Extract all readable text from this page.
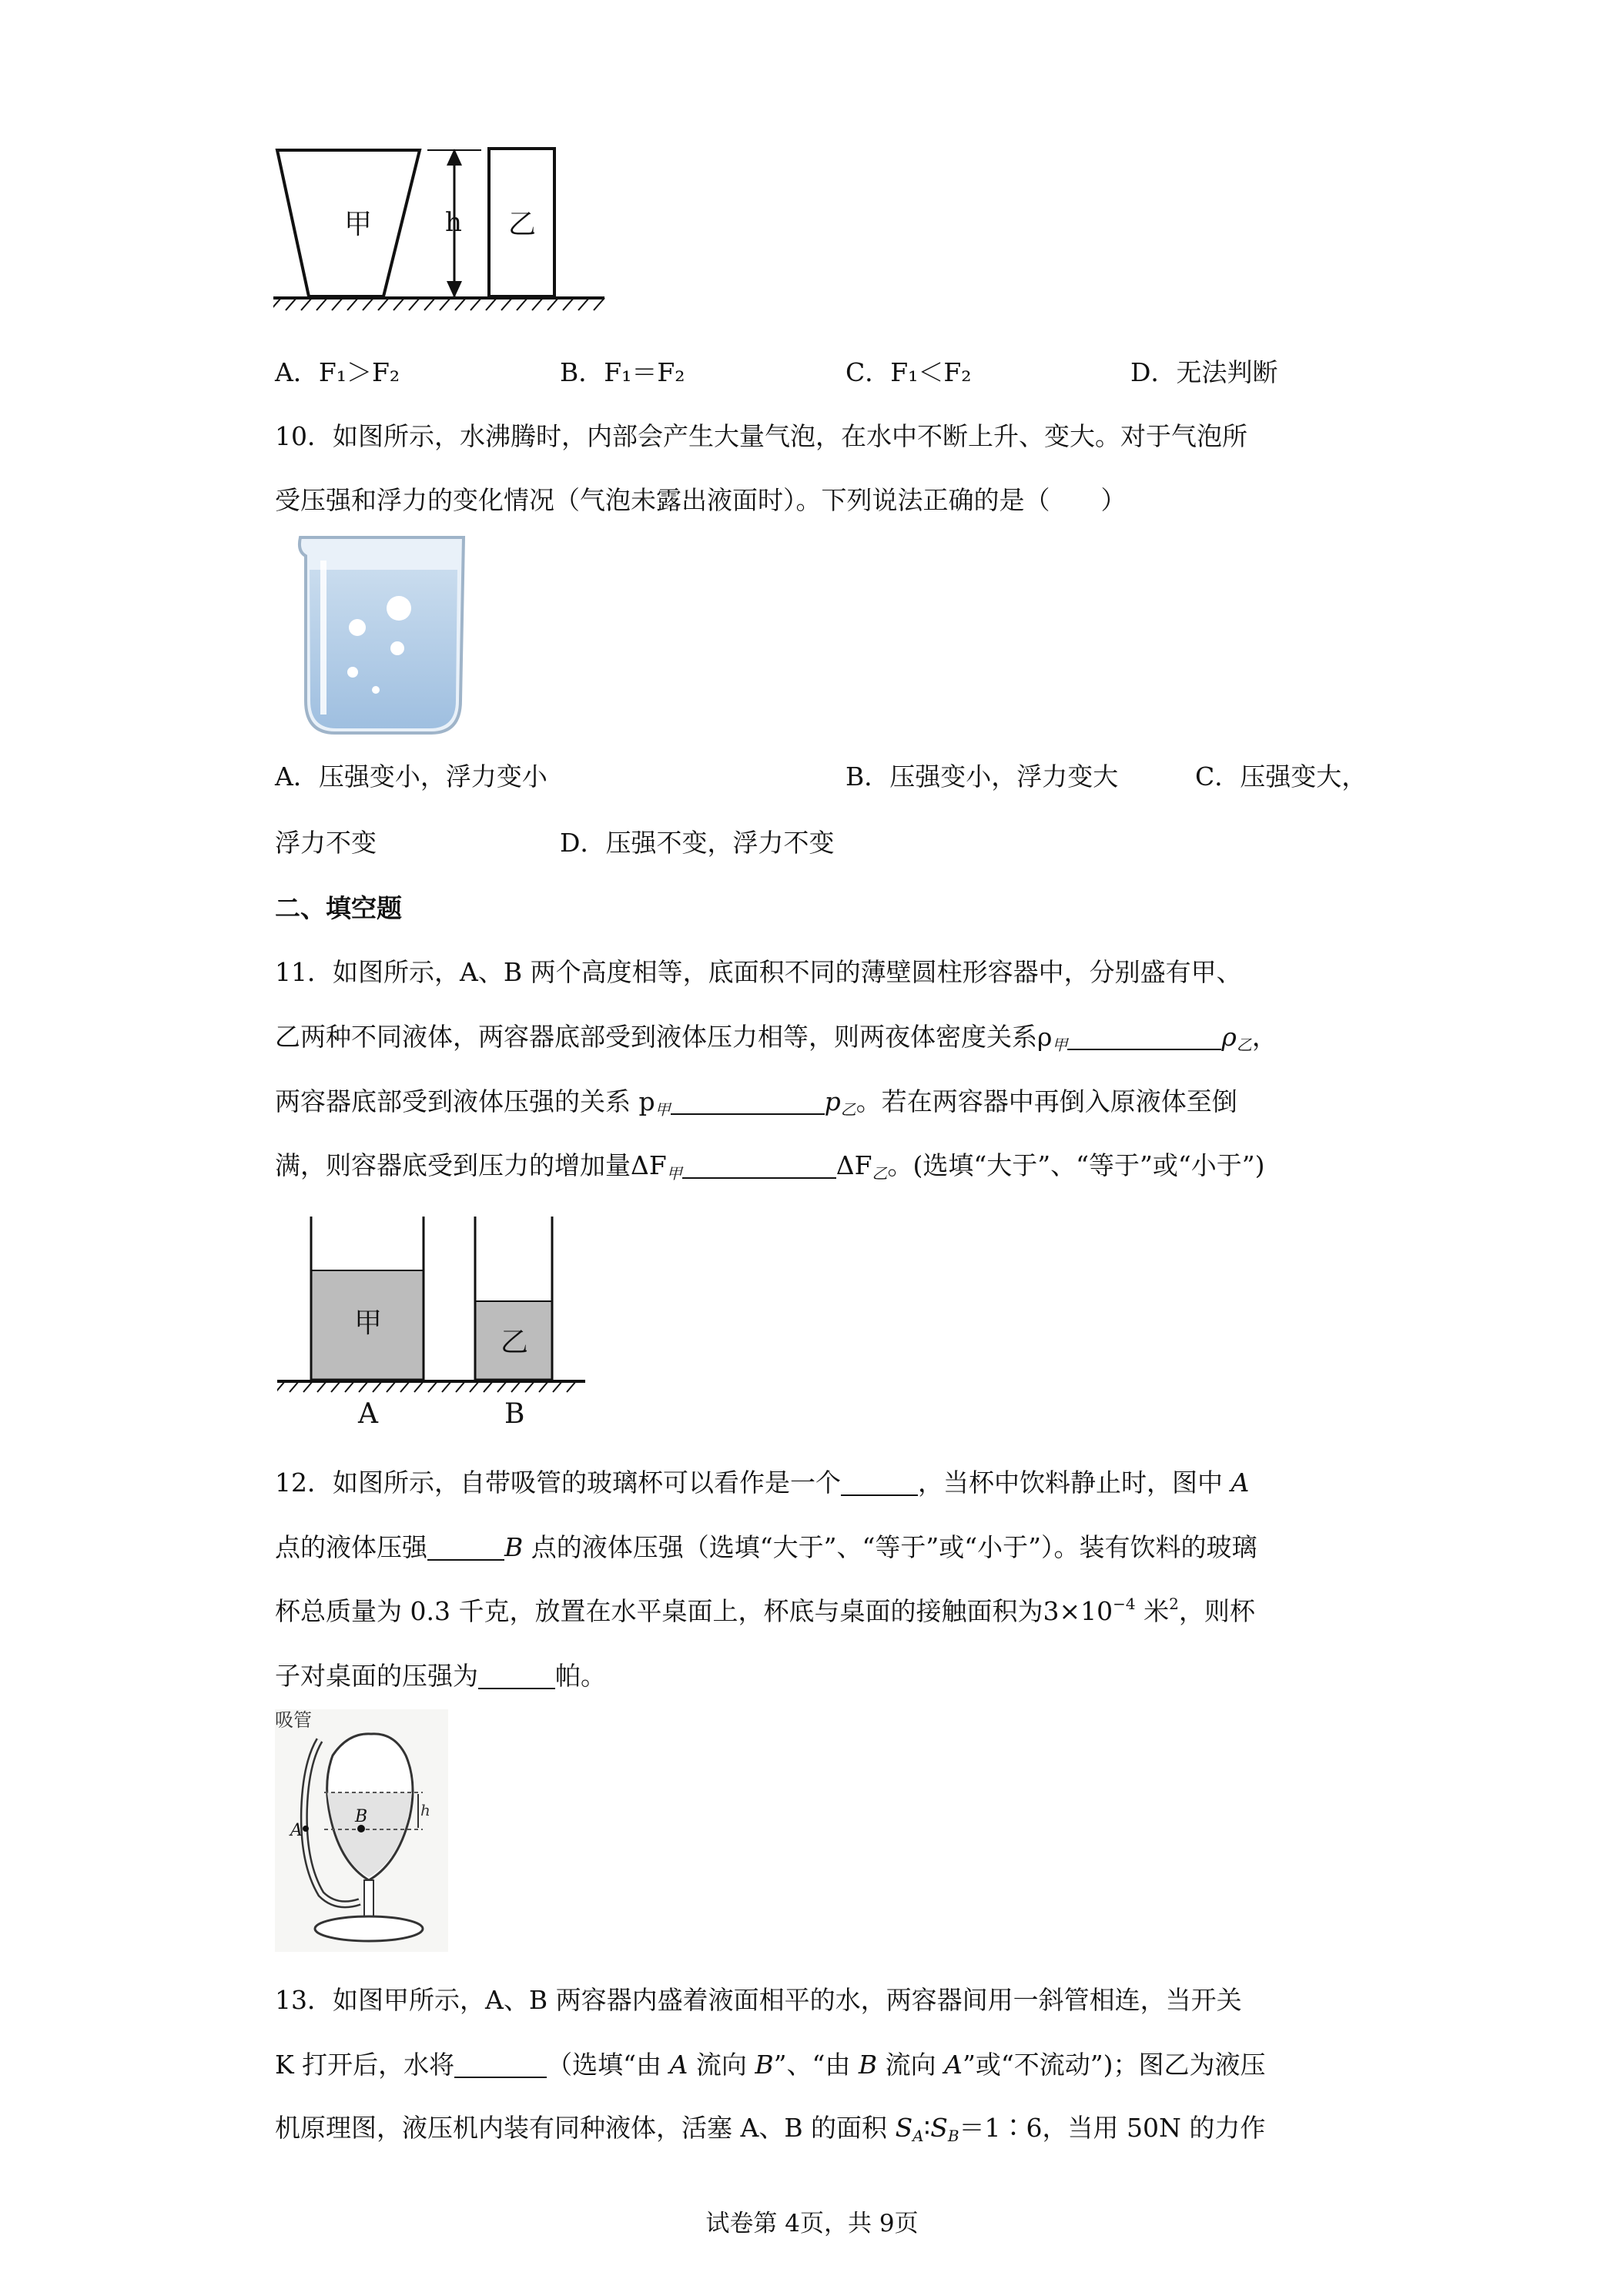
甲	h 乙
A．F₁＞F₂	B．F₁＝F₂	C．F₁＜F₂	D．无法判断
10．如图所示，水沸腾时，内部会产生大量气泡，在水中不断上升、变大。对于气泡所
受压强和浮力的变化情况（气泡未露出液面时）。下列说法正确的是（　　）
A．压强变小，浮力变小	B．压强变小，浮力变大	C．压强变大，
浮力不变	D．压强不变，浮力不变
二、填空题
11．如图所示，A、B 两个高度相等，底面积不同的薄壁圆柱形容器中，分别盛有甲、
乙两种不同液体，两容器底部受到液体压力相等，则两夜体密度关系$\rho_甲$	$\rho_乙$，
两容器底部受到液体压强的关系 $p_甲$	$p_乙$。若在两容器中再倒入原液体至倒
满，则容器底受到压力的增加量$\Delta F_甲$	$\Delta F_乙$。(选填“大于”、“等于”或“小于”)
甲
乙
A	B
12．如图所示，自带吸管的玻璃杯可以看作是一个	，当杯中饮料静止时，图中 A
点的液体压强	B 点的液体压强（选填“大于”、“等于”或“小于”）。装有饮料的玻璃
杯总质量为 0.3 千克，放置在水平桌面上，杯底与桌面的接触面积为$3\times 10^{-4}$ 米$^2$，则杯
子对桌面的压强为	帕。
吸管
h
A
B
13．如图甲所示，A、B 两容器内盛着液面相平的水，两容器间用一斜管相连，当开关
K 打开后，水将	（选填“由 A 流向 B”、“由 B 流向 A”或“不流动”)；图乙为液压
机原理图，液压机内装有同种液体，活塞 A、B 的面积 $S_A∶S_B=1∶6$，当用 50N 的力作
试卷第 4页，共 9页
